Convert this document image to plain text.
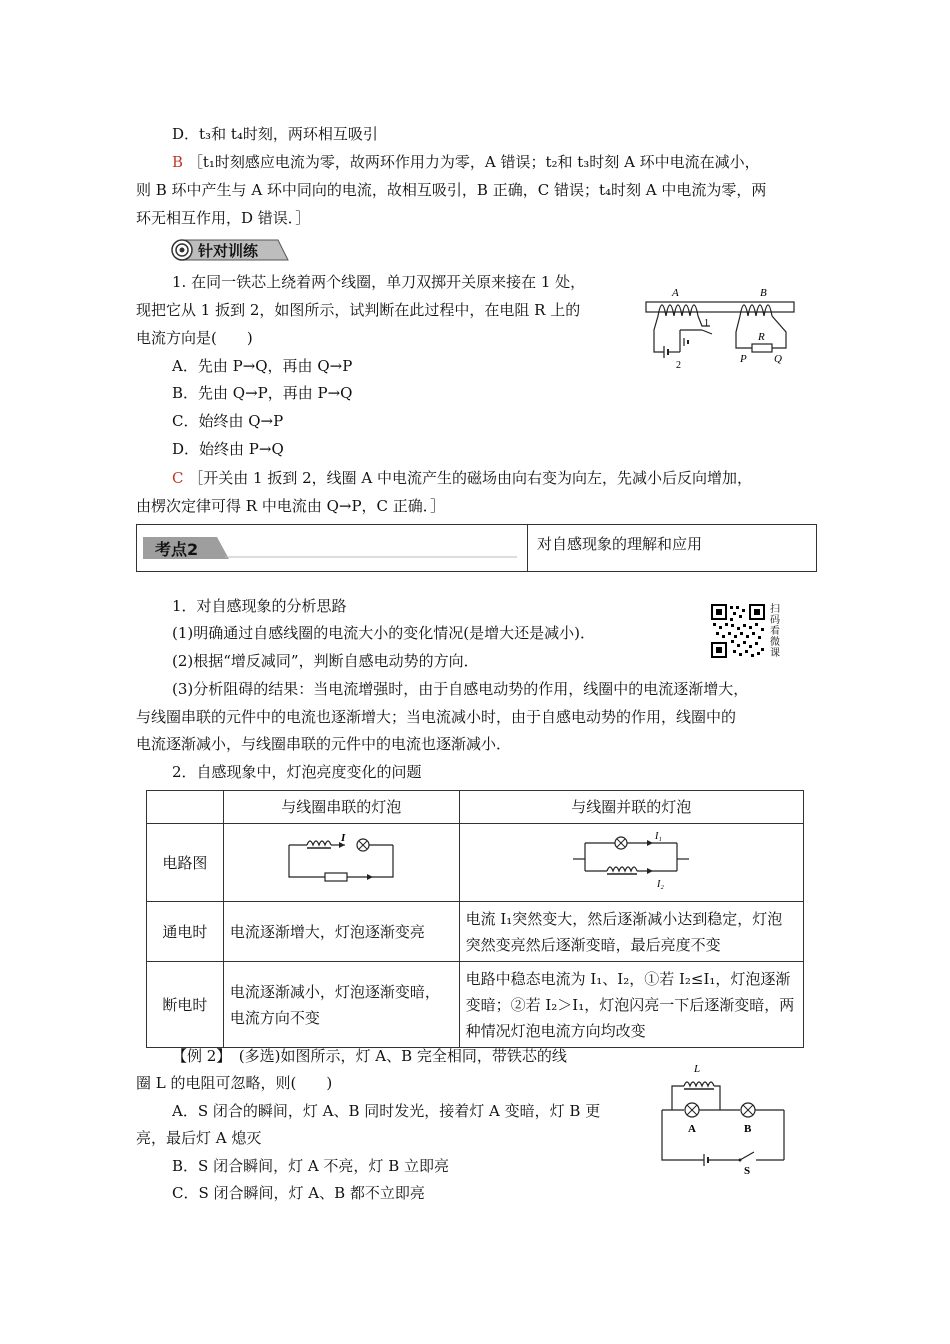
D．t₃和 t₄时刻，两环相互吸引
B ［t₁时刻感应电流为零，故两环作用力为零，A 错误；t₂和 t₃时刻 A 环中电流在减小，
则 B 环中产生与 A 环中同向的电流，故相互吸引，B 正确，C 错误；t₄时刻 A 中电流为零，两
环无相互作用，D 错误．］
针对训练
1. 在同一铁芯上绕着两个线圈，单刀双掷开关原来接在 1 处，
现把它从 1 扳到 2，如图所示，试判断在此过程中，在电阻 R 上的
电流方向是(　　)
A．先由 P→Q，再由 Q→P
B．先由 Q→P，再由 P→Q
C．始终由 Q→P
D．始终由 P→Q
C ［开关由 1 扳到 2，线圈 A 中电流产生的磁场由向右变为向左，先减小后反向增加，
由楞次定律可得 R 中电流由 Q→P，C 正确．］
A	B
1
2
R
P Q
考点2	对自感现象的理解和应用
1．对自感现象的分析思路
(1)明确通过自感线圈的电流大小的变化情况(是增大还是减小)．
(2)根据“增反减同”，判断自感电动势的方向．
(3)分析阻碍的结果：当电流增强时，由于自感电动势的作用，线圈中的电流逐渐增大，
与线圈串联的元件中的电流也逐渐增大；当电流减小时，由于自感电动势的作用，线圈中的
电流逐渐减小，与线圈串联的元件中的电流也逐渐减小．
2．自感现象中，灯泡亮度变化的问题
扫
码
看
微
课
	与线圈串联的灯泡	与线圈并联的灯泡
电路图	I	I₁
I₂

通电时	电流逐渐增大，灯泡逐渐变亮	电流 I₁突然变大，然后逐渐减小达到稳定，灯泡突然变亮然后逐渐变暗，最后亮度不变
断电时	电流逐渐减小，灯泡逐渐变暗，电流方向不变	电路中稳态电流为 I₁、I₂，①若 I₂≤I₁，灯泡逐渐变暗；②若 I₂＞I₁，灯泡闪亮一下后逐渐变暗，两种情况灯泡电流方向均改变
【例 2】　(多选)如图所示，灯 A、B 完全相同，带铁芯的线
圈 L 的电阻可忽略，则(　　)
A．S 闭合的瞬间，灯 A、B 同时发光，接着灯 A 变暗，灯 B 更
亮，最后灯 A 熄灭
B．S 闭合瞬间，灯 A 不亮，灯 B 立即亮
C．S 闭合瞬间，灯 A、B 都不立即亮
L
A	B
S
